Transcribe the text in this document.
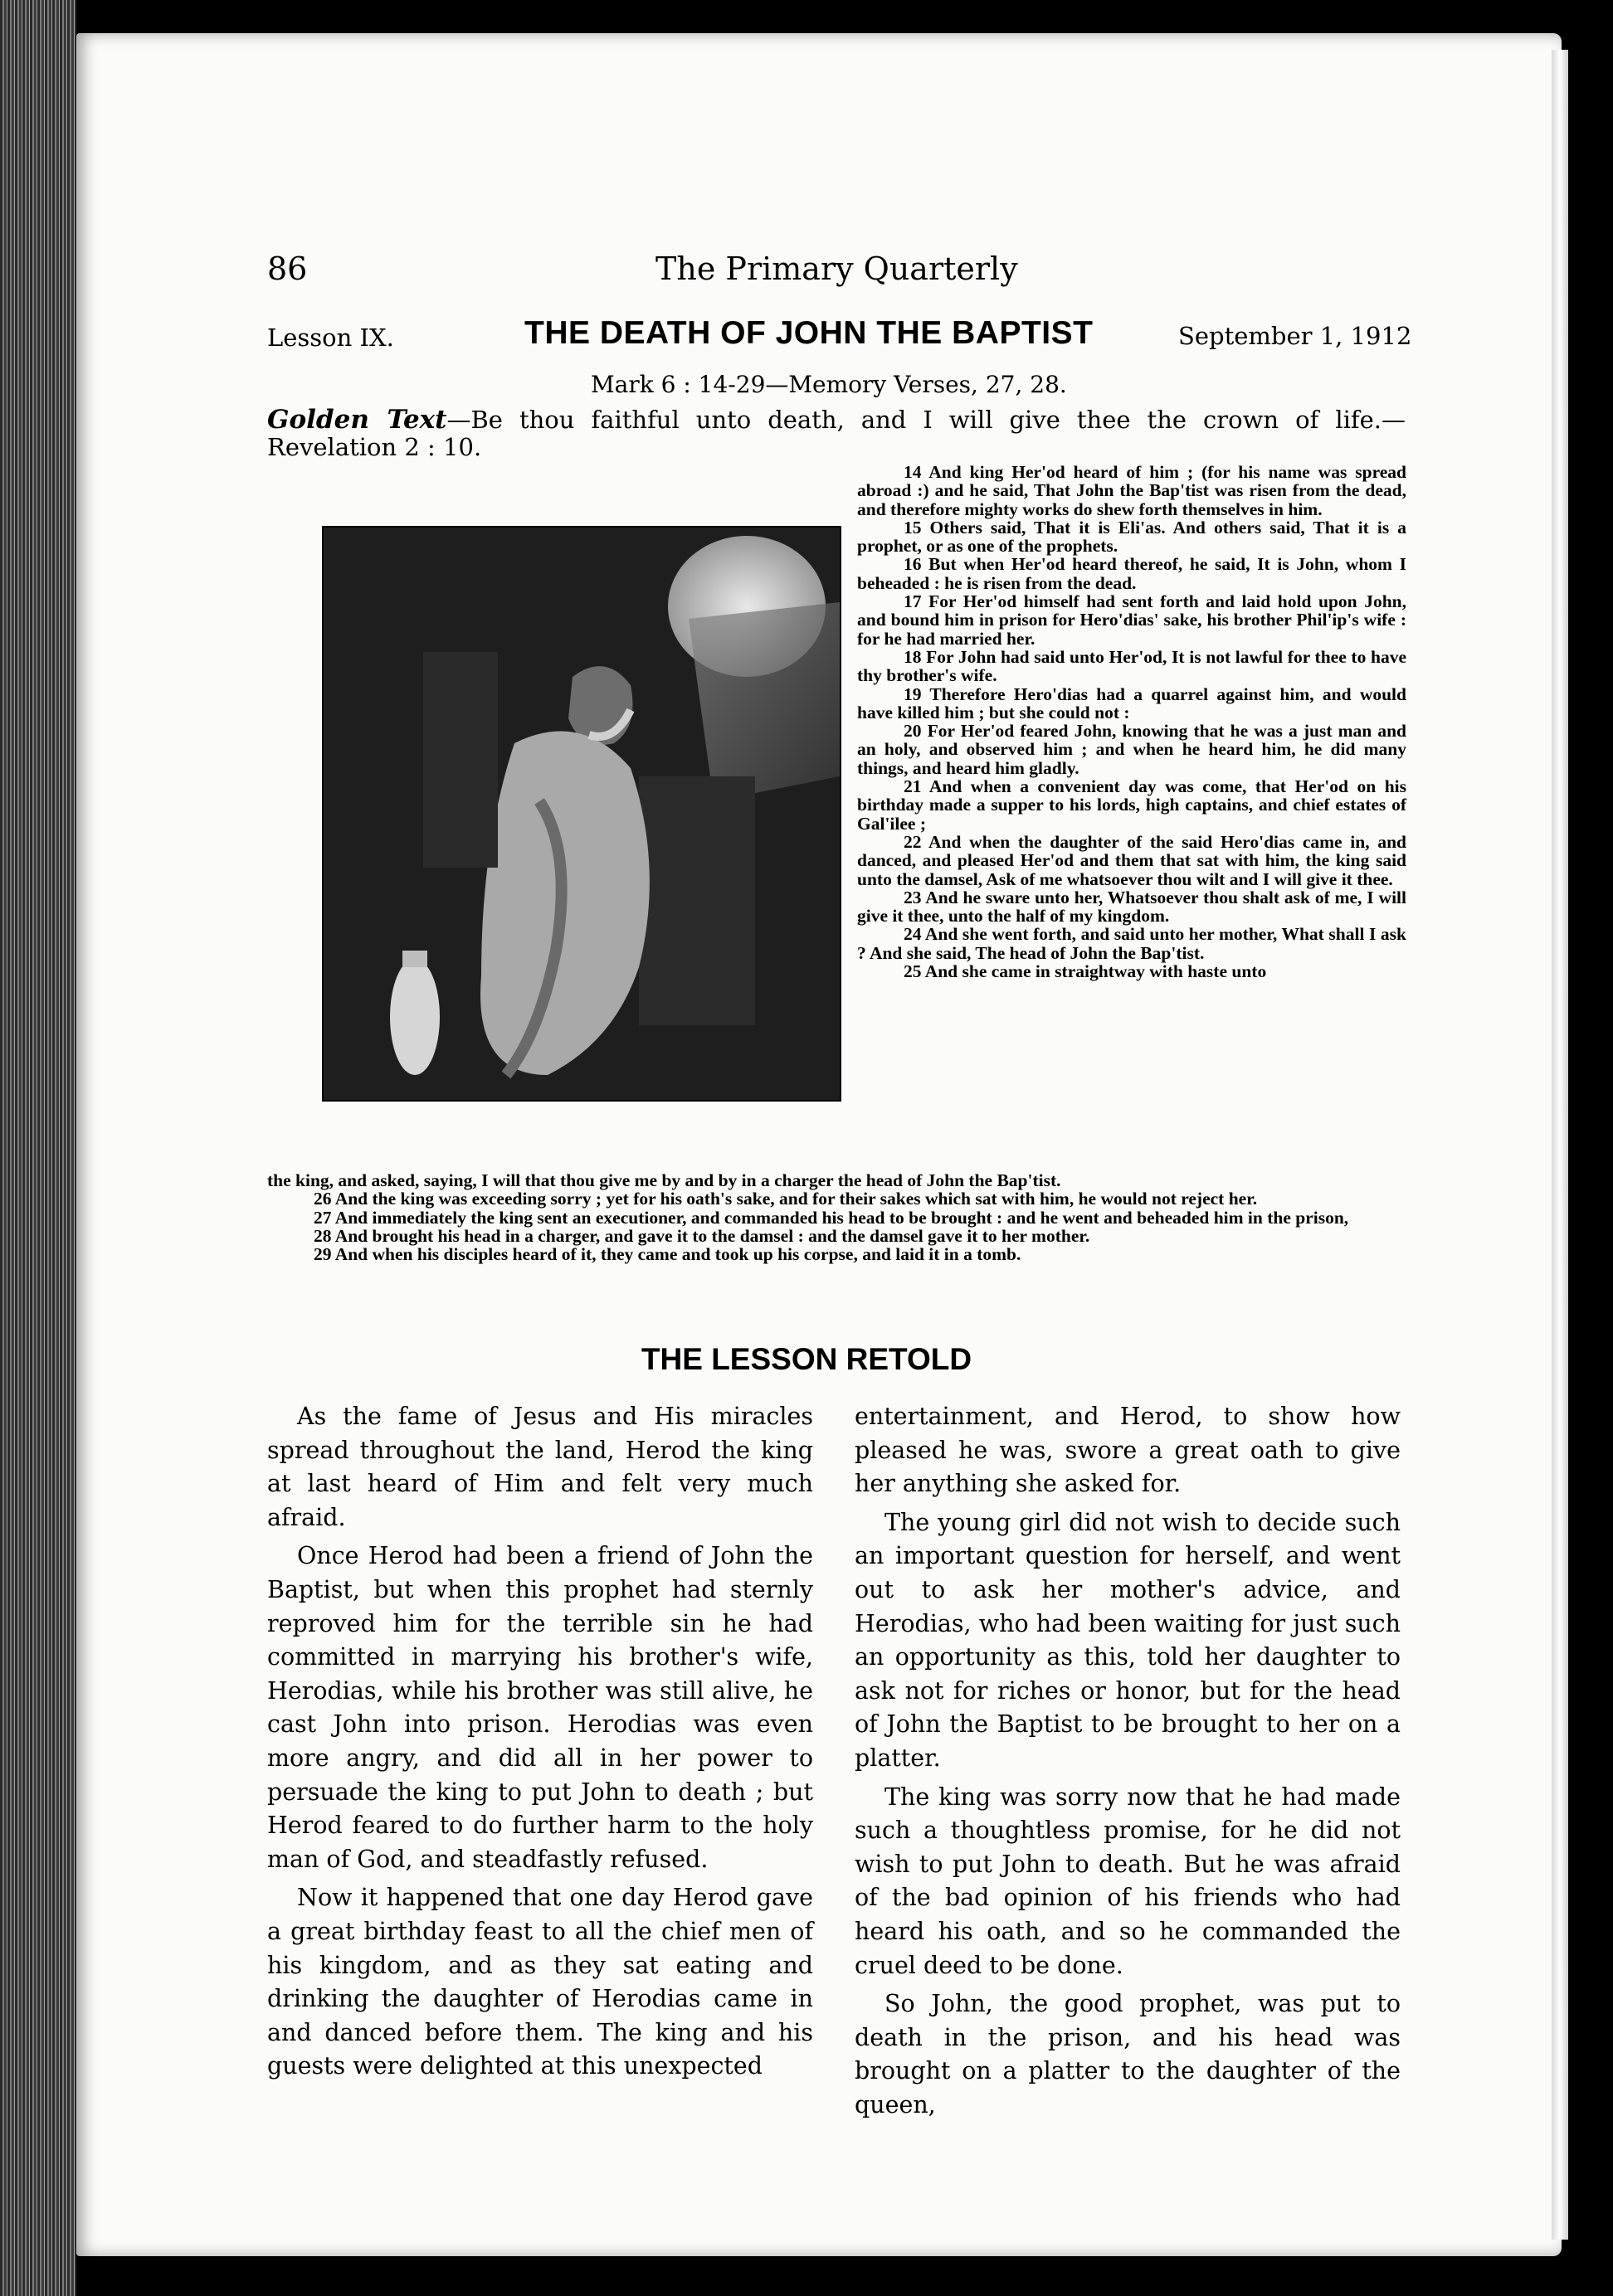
86	The Primary Quarterly
Lesson IX.	THE DEATH OF JOHN THE BAPTIST	September 1, 1912
Mark 6 : 14-29—Memory Verses, 27, 28.
Golden Text—Be thou faithful unto death, and I will give thee the crown of life.—Revelation 2 : 10.

14 And king Her'od heard of him ; (for his name was spread abroad :) and he said, That John the Bap'tist was risen from the dead, and therefore mighty works do shew forth themselves in him.

15 Others said, That it is Eli'as. And others said, That it is a prophet, or as one of the prophets.

16 But when Her'od heard thereof, he said, It is John, whom I beheaded : he is risen from the dead.

17 For Her'od himself had sent forth and laid hold upon John, and bound him in prison for Hero'dias' sake, his brother Phil'ip's wife : for he had married her.

18 For John had said unto Her'od, It is not lawful for thee to have thy brother's wife.

19 Therefore Hero'dias had a quarrel against him, and would have killed him ; but she could not :

20 For Her'od feared John, knowing that he was a just man and an holy, and observed him ; and when he heard him, he did many things, and heard him gladly.

21 And when a convenient day was come, that Her'od on his birthday made a supper to his lords, high captains, and chief estates of Gal'ilee ;

22 And when the daughter of the said Hero'dias came in, and danced, and pleased Her'od and them that sat with him, the king said unto the damsel, Ask of me whatsoever thou wilt and I will give it thee.

23 And he sware unto her, Whatsoever thou shalt ask of me, I will give it thee, unto the half of my kingdom.

24 And she went forth, and said unto her mother, What shall I ask ? And she said, The head of John the Bap'tist.

25 And she came in straightway with haste unto

the king, and asked, saying, I will that thou give me by and by in a charger the head of John the Bap'tist.

26 And the king was exceeding sorry ; yet for his oath's sake, and for their sakes which sat with him, he would not reject her.

27 And immediately the king sent an executioner, and commanded his head to be brought : and he went and beheaded him in the prison,

28 And brought his head in a charger, and gave it to the damsel : and the damsel gave it to her mother.

29 And when his disciples heard of it, they came and took up his corpse, and laid it in a tomb.

THE LESSON RETOLD

As the fame of Jesus and His miracles spread throughout the land, Herod the king at last heard of Him and felt very much afraid.

Once Herod had been a friend of John the Baptist, but when this prophet had sternly reproved him for the terrible sin he had committed in marrying his brother's wife, Herodias, while his brother was still alive, he cast John into prison. Herodias was even more angry, and did all in her power to persuade the king to put John to death ; but Herod feared to do further harm to the holy man of God, and steadfastly refused.

Now it happened that one day Herod gave a great birthday feast to all the chief men of his kingdom, and as they sat eating and drinking the daughter of Herodias came in and danced before them. The king and his guests were delighted at this unexpected

entertainment, and Herod, to show how pleased he was, swore a great oath to give her anything she asked for.

The young girl did not wish to decide such an important question for herself, and went out to ask her mother's advice, and Herodias, who had been waiting for just such an opportunity as this, told her daughter to ask not for riches or honor, but for the head of John the Baptist to be brought to her on a platter.

The king was sorry now that he had made such a thoughtless promise, for he did not wish to put John to death. But he was afraid of the bad opinion of his friends who had heard his oath, and so he commanded the cruel deed to be done.

So John, the good prophet, was put to death in the prison, and his head was brought on a platter to the daughter of the queen,
